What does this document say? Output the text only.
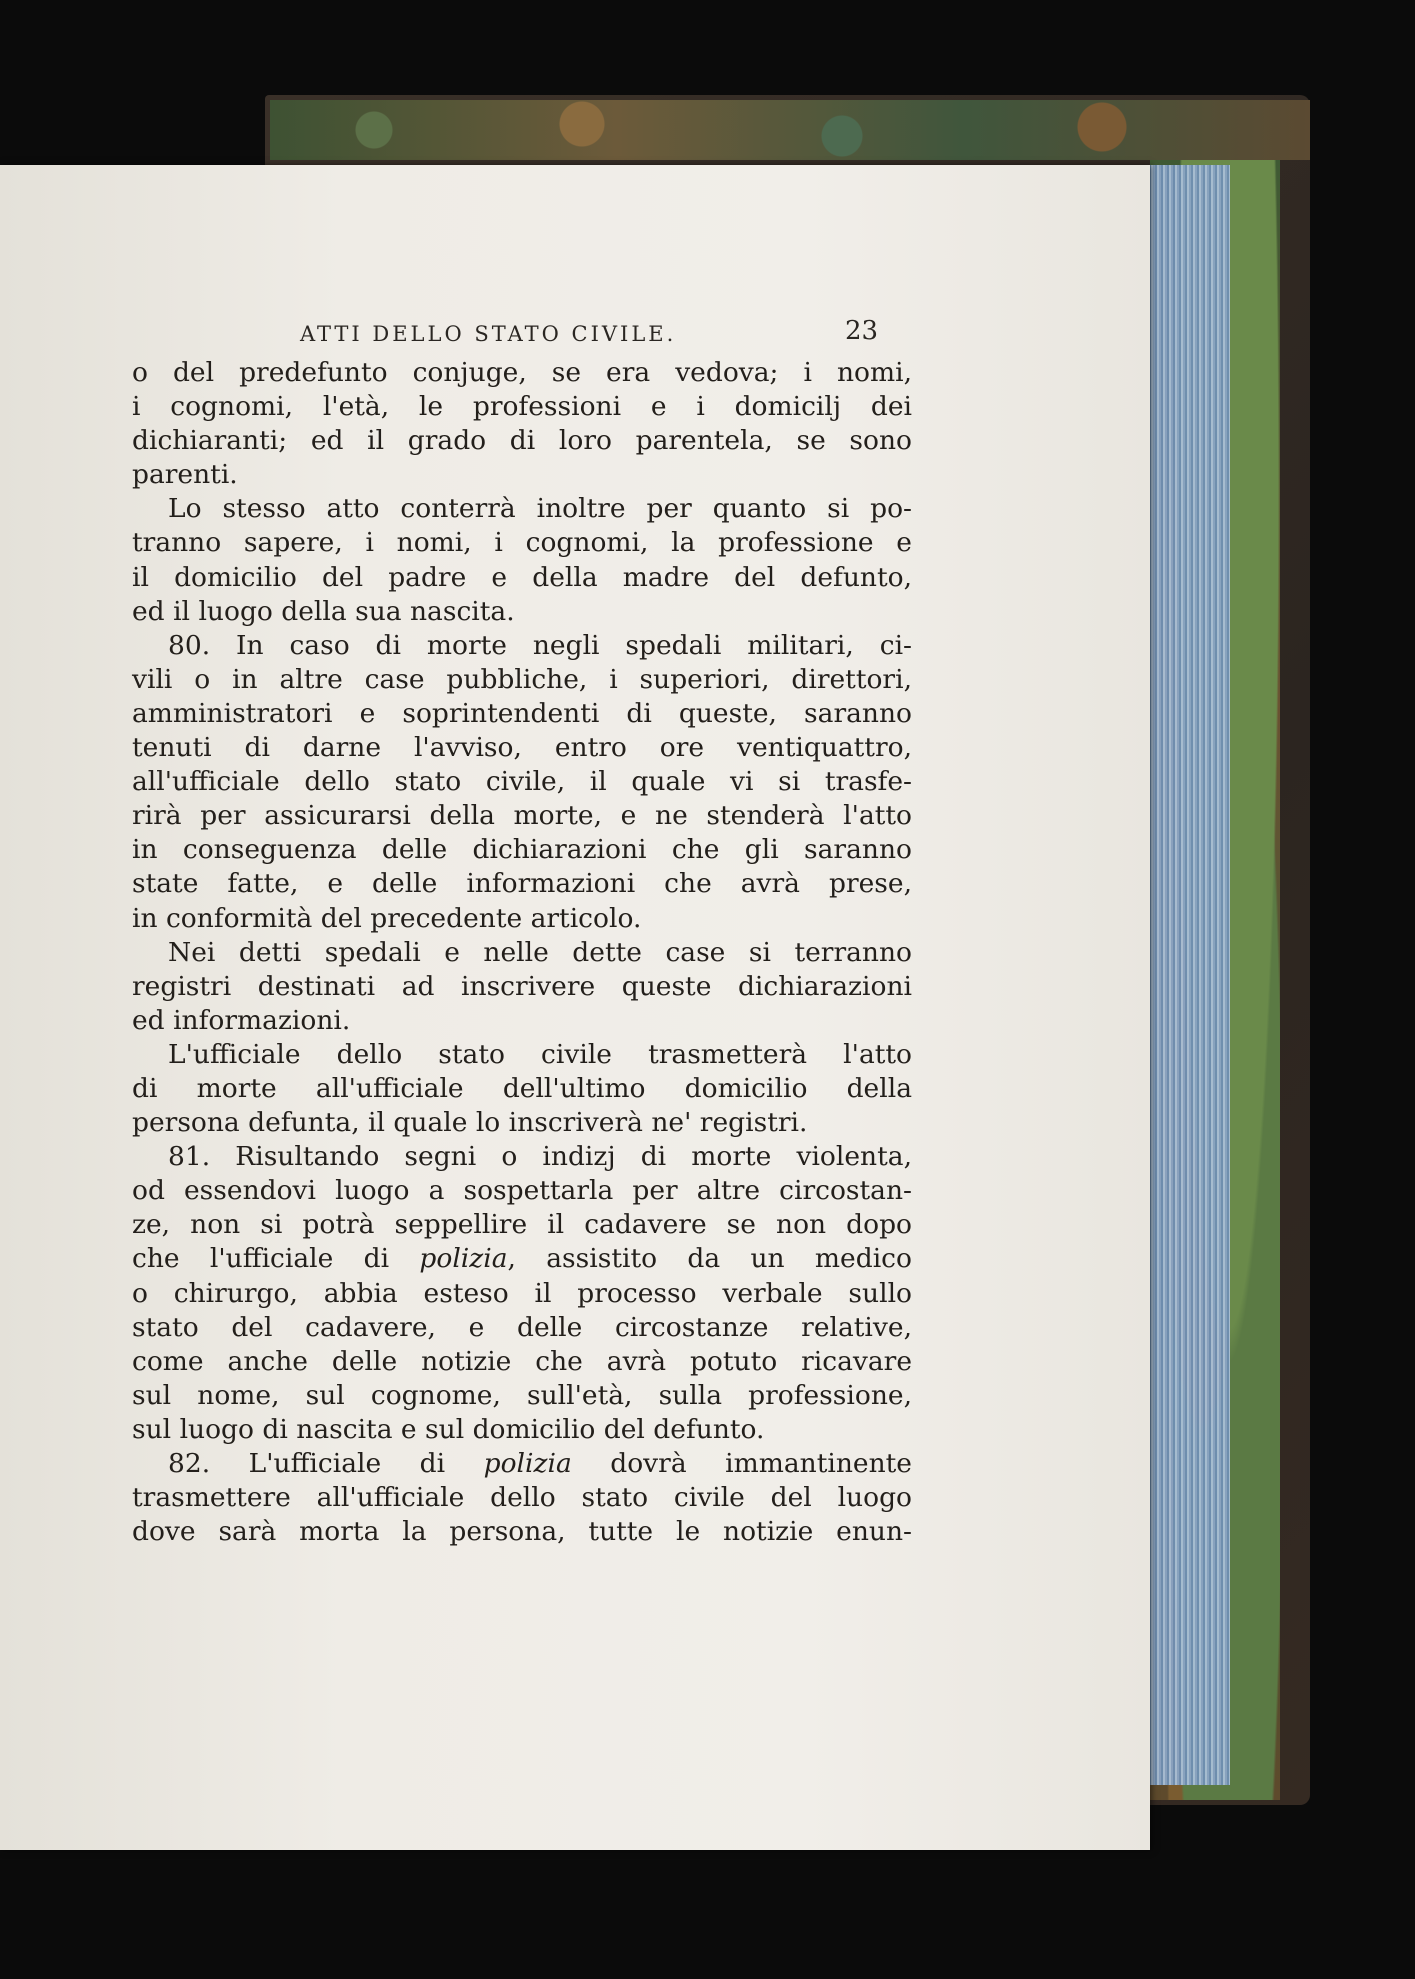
ATTI DELLO STATO CIVILE.	23
o del predefunto conjuge, se era vedova; i nomi,
i cognomi, l'età, le professioni e i domicilj dei
dichiaranti; ed il grado di loro parentela, se sono
parenti.
Lo stesso atto conterrà inoltre per quanto si po-
tranno sapere, i nomi, i cognomi, la professione e
il domicilio del padre e della madre del defunto,
ed il luogo della sua nascita.
80. In caso di morte negli spedali militari, ci-
vili o in altre case pubbliche, i superiori, direttori,
amministratori e soprintendenti di queste, saranno
tenuti di darne l'avviso, entro ore ventiquattro,
all'ufficiale dello stato civile, il quale vi si trasfe-
rirà per assicurarsi della morte, e ne stenderà l'atto
in conseguenza delle dichiarazioni che gli saranno
state fatte, e delle informazioni che avrà prese,
in conformità del precedente articolo.
Nei detti spedali e nelle dette case si terranno
registri destinati ad inscrivere queste dichiarazioni
ed informazioni.
L'ufficiale dello stato civile trasmetterà l'atto
di morte all'ufficiale dell'ultimo domicilio della
persona defunta, il quale lo inscriverà ne' registri.
81. Risultando segni o indizj di morte violenta,
od essendovi luogo a sospettarla per altre circostan-
ze, non si potrà seppellire il cadavere se non dopo
che l'ufficiale di polizia, assistito da un medico
o chirurgo, abbia esteso il processo verbale sullo
stato del cadavere, e delle circostanze relative,
come anche delle notizie che avrà potuto ricavare
sul nome, sul cognome, sull'età, sulla professione,
sul luogo di nascita e sul domicilio del defunto.
82. L'ufficiale di polizia dovrà immantinente
trasmettere all'ufficiale dello stato civile del luogo
dove sarà morta la persona, tutte le notizie enun-
